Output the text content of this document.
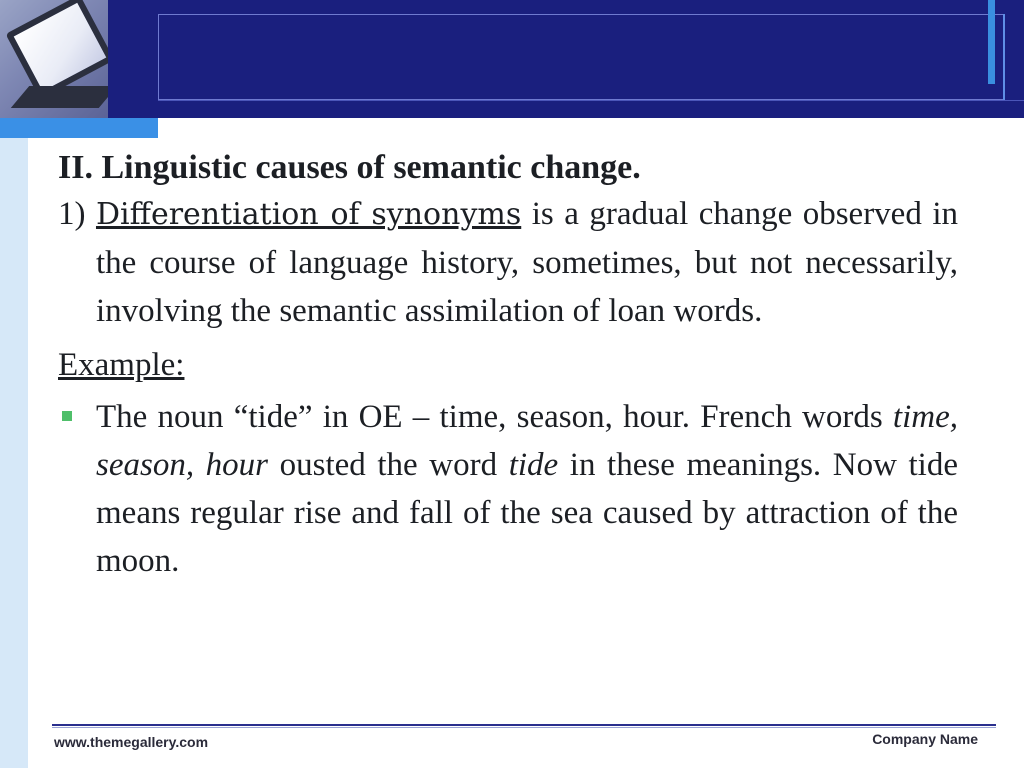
II. Linguistic causes of semantic change.

1) Differentiation of synonyms is a gradual change observed in the course of language history, sometimes, but not necessarily, involving the semantic assimilation of loan words.

Example:

The noun “tide” in OE – time, season, hour. French words time, season, hour ousted the word tide in these meanings. Now tide means regular rise and fall of the sea caused by attraction of the moon.

www.themegallery.com	Company Name
